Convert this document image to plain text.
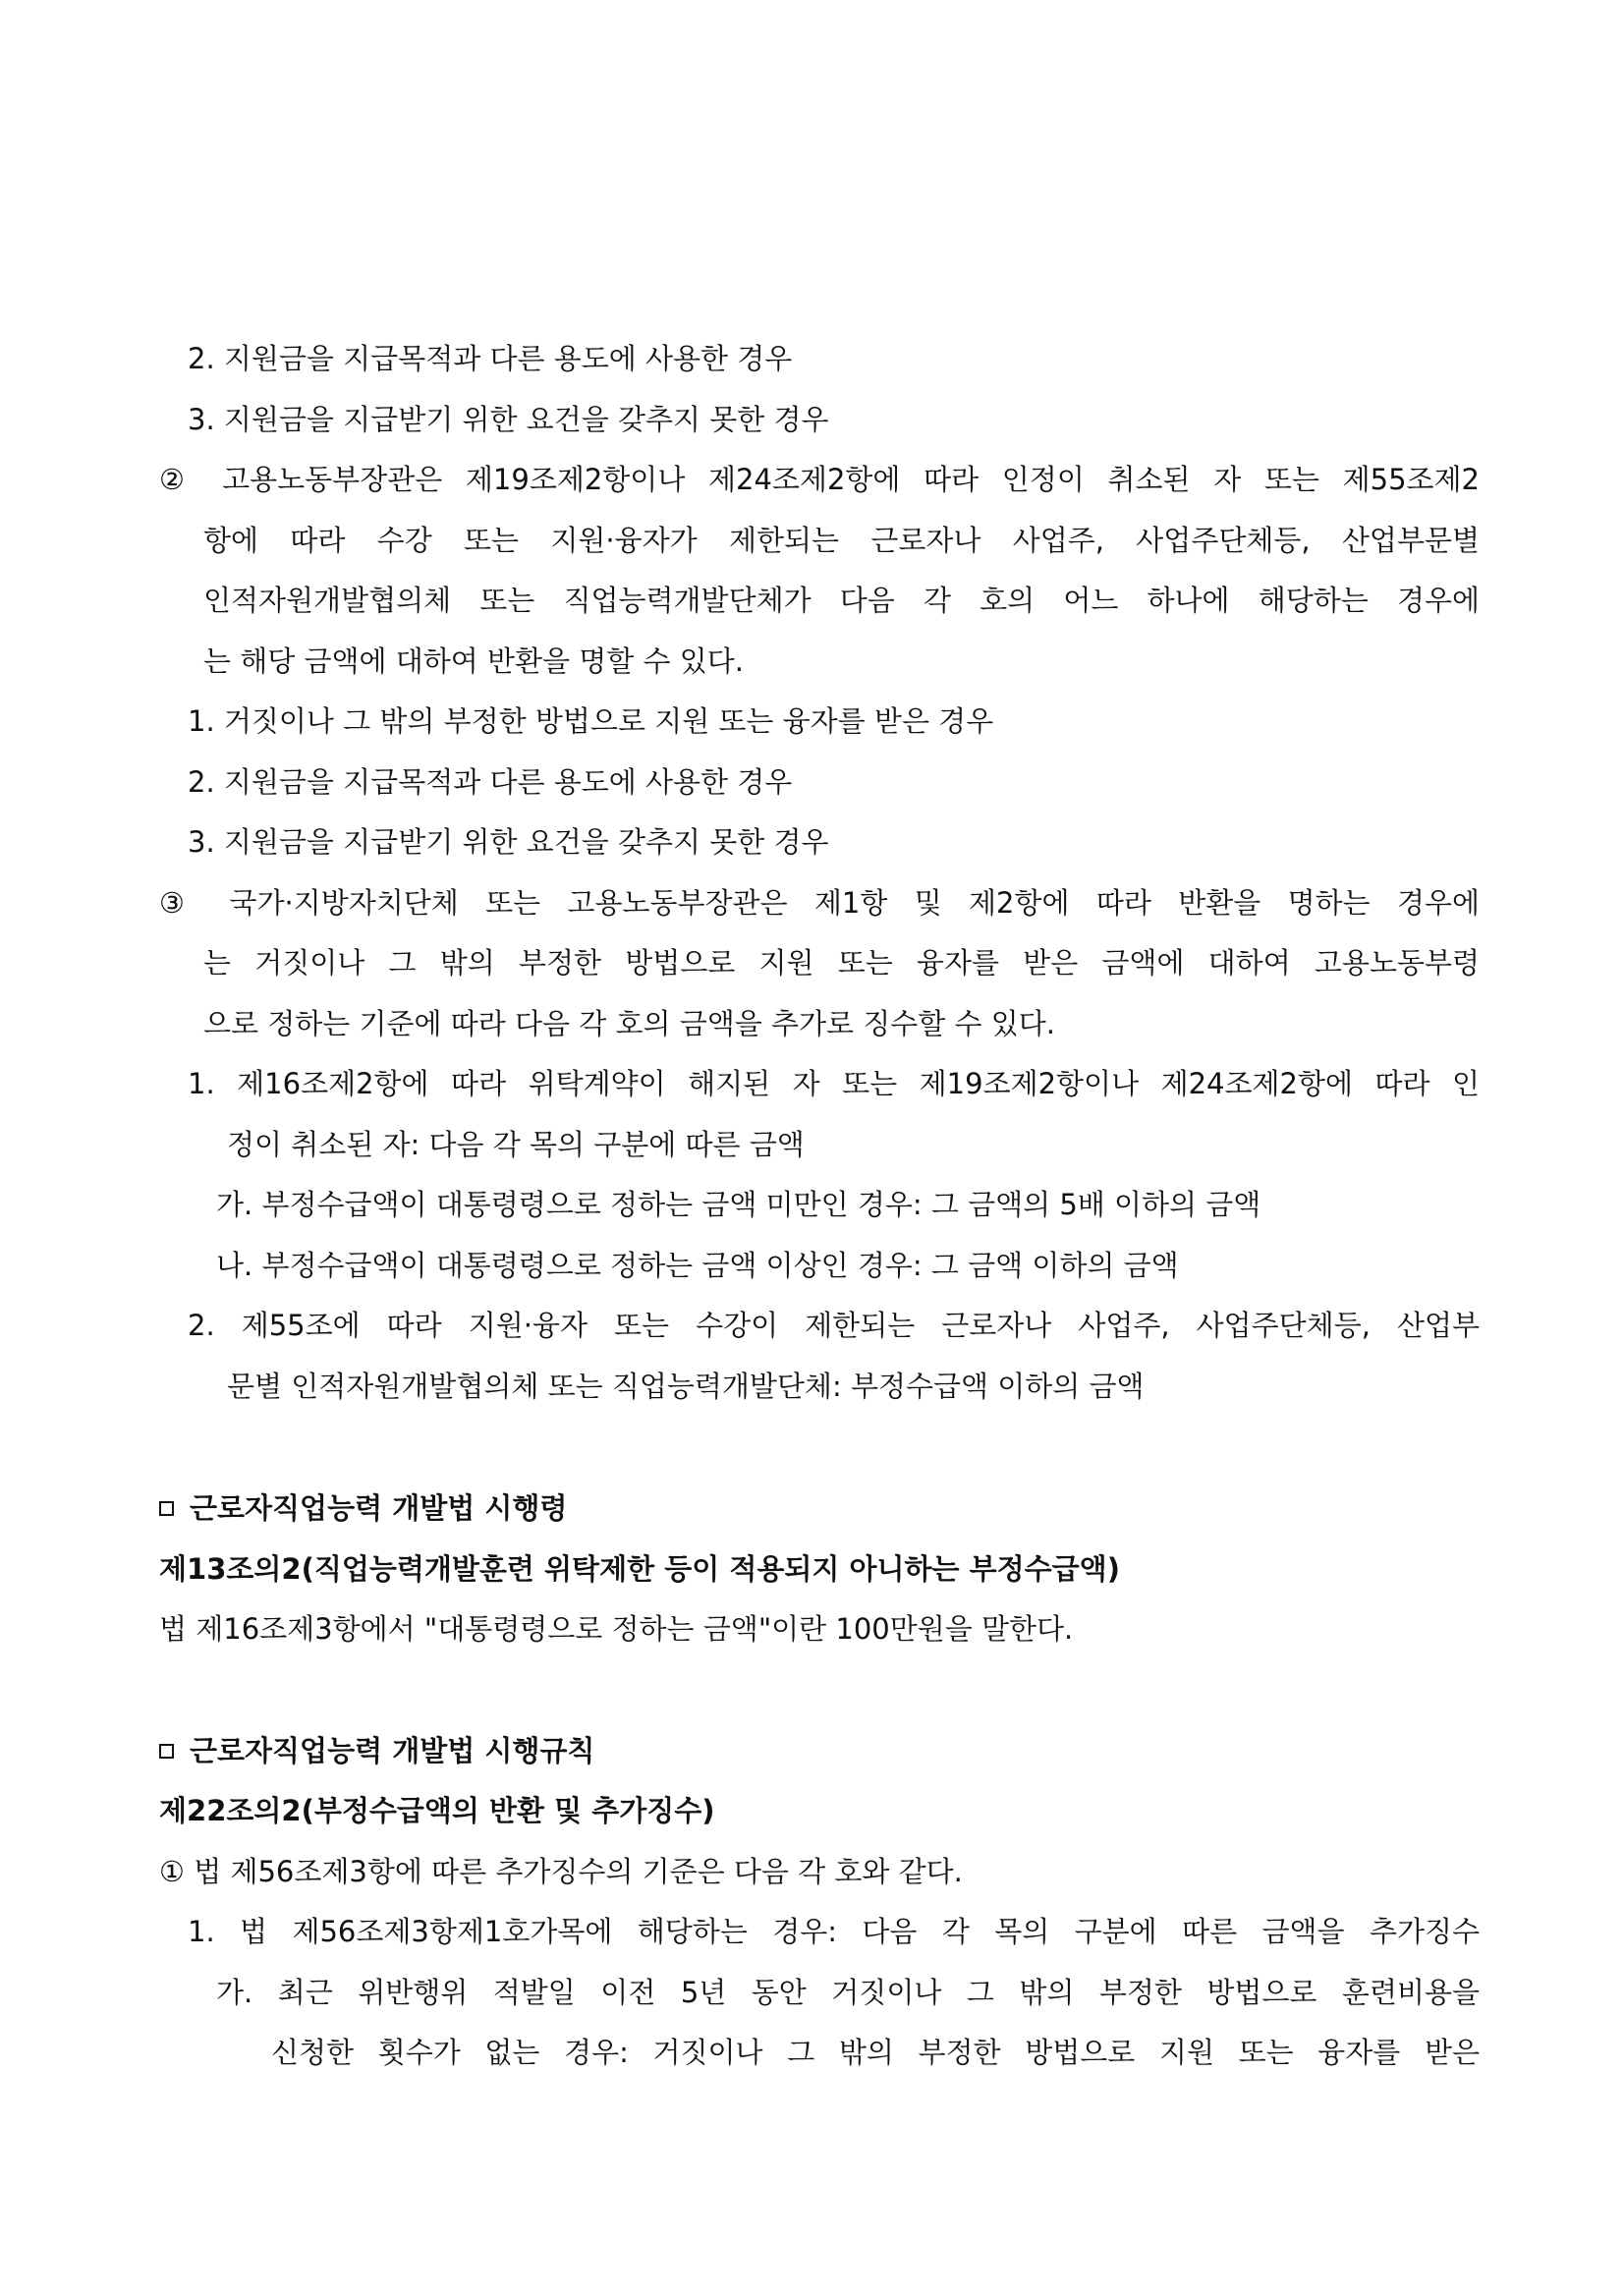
2. 지원금을 지급목적과 다른 용도에 사용한 경우
3. 지원금을 지급받기 위한 요건을 갖추지 못한 경우
② 고용노동부장관은 제19조제2항이나 제24조제2항에 따라 인정이 취소된 자 또는 제55조제2
항에 따라 수강 또는 지원·융자가 제한되는 근로자나 사업주, 사업주단체등, 산업부문별
인적자원개발협의체 또는 직업능력개발단체가 다음 각 호의 어느 하나에 해당하는 경우에
는 해당 금액에 대하여 반환을 명할 수 있다.
1. 거짓이나 그 밖의 부정한 방법으로 지원 또는 융자를 받은 경우
2. 지원금을 지급목적과 다른 용도에 사용한 경우
3. 지원금을 지급받기 위한 요건을 갖추지 못한 경우
③ 국가·지방자치단체 또는 고용노동부장관은 제1항 및 제2항에 따라 반환을 명하는 경우에
는 거짓이나 그 밖의 부정한 방법으로 지원 또는 융자를 받은 금액에 대하여 고용노동부령
으로 정하는 기준에 따라 다음 각 호의 금액을 추가로 징수할 수 있다.
1. 제16조제2항에 따라 위탁계약이 해지된 자 또는 제19조제2항이나 제24조제2항에 따라 인
정이 취소된 자: 다음 각 목의 구분에 따른 금액
가. 부정수급액이 대통령령으로 정하는 금액 미만인 경우: 그 금액의 5배 이하의 금액
나. 부정수급액이 대통령령으로 정하는 금액 이상인 경우: 그 금액 이하의 금액
2. 제55조에 따라 지원·융자 또는 수강이 제한되는 근로자나 사업주, 사업주단체등, 산업부
문별 인적자원개발협의체 또는 직업능력개발단체: 부정수급액 이하의 금액
근로자직업능력 개발법 시행령
제13조의2(직업능력개발훈련 위탁제한 등이 적용되지 아니하는 부정수급액)
법 제16조제3항에서 "대통령령으로 정하는 금액"이란 100만원을 말한다.
근로자직업능력 개발법 시행규칙
제22조의2(부정수급액의 반환 및 추가징수)
① 법 제56조제3항에 따른 추가징수의 기준은 다음 각 호와 같다.
1. 법 제56조제3항제1호가목에 해당하는 경우: 다음 각 목의 구분에 따른 금액을 추가징수
가. 최근 위반행위 적발일 이전 5년 동안 거짓이나 그 밖의 부정한 방법으로 훈련비용을
신청한 횟수가 없는 경우: 거짓이나 그 밖의 부정한 방법으로 지원 또는 융자를 받은
